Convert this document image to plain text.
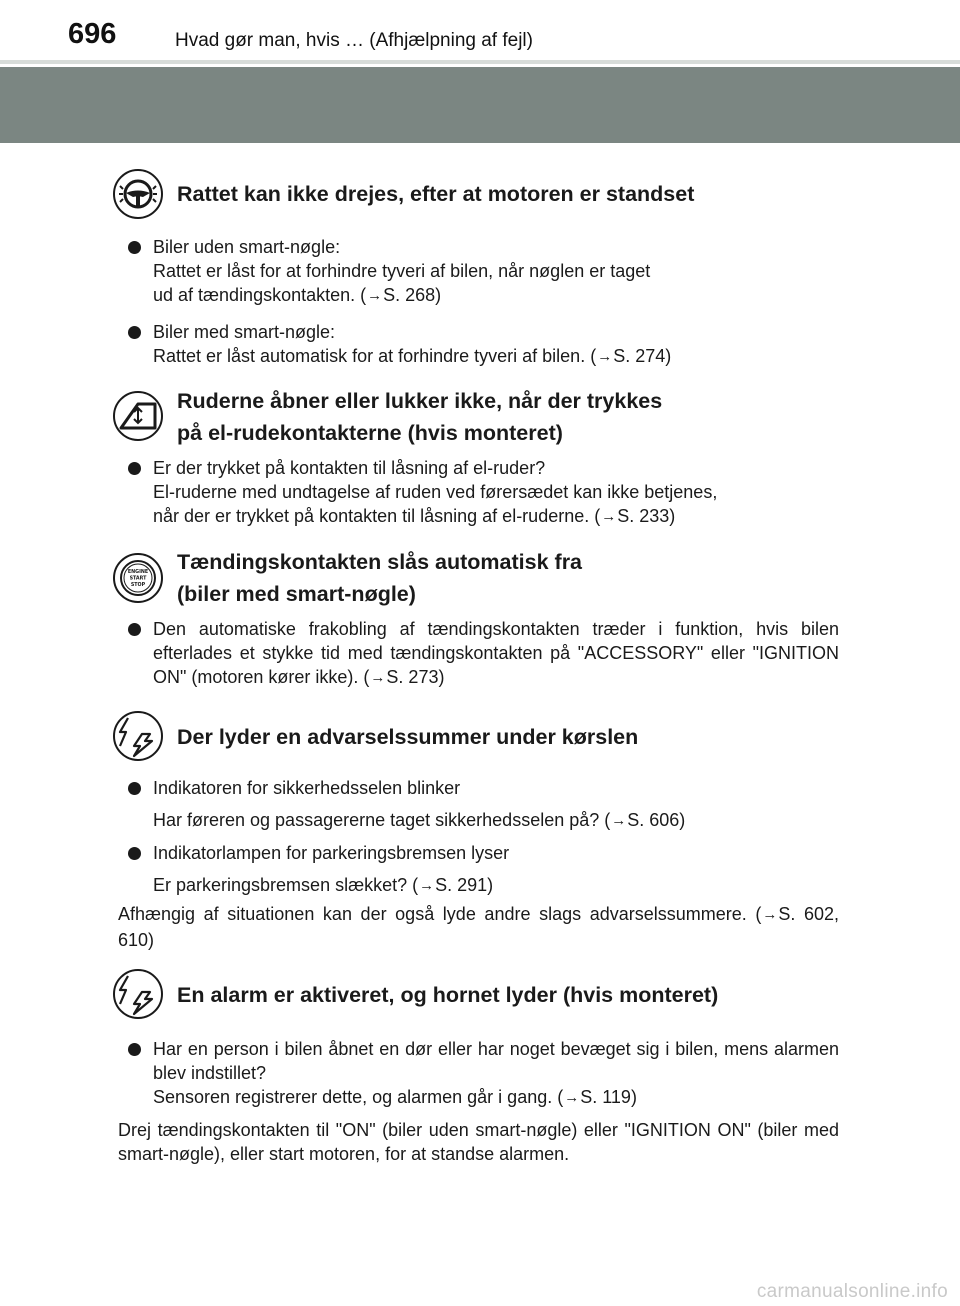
696	Hvad gør man, hvis … (Afhjælpning af fejl)
Rattet kan ikke drejes, efter at motoren er standset
Biler uden smart-nøgle:
Rattet er låst for at forhindre tyveri af bilen, når nøglen er taget
ud af tændingskontakten. (→S. 268)
Biler med smart-nøgle:
Rattet er låst automatisk for at forhindre tyveri af bilen. (→S. 274)
Ruderne åbner eller lukker ikke, når der trykkes
på el-rudekontakterne (hvis monteret)
Er der trykket på kontakten til låsning af el-ruder?
El-ruderne med undtagelse af ruden ved førersædet kan ikke betjenes,
når der er trykket på kontakten til låsning af el-ruderne. (→S. 233)
ENGINE
START
STOP
Tændingskontakten slås automatisk fra
(biler med smart-nøgle)
Den automatiske frakobling af tændingskontakten træder i funktion, hvis bilen efterlades et stykke tid med tændingskontakten på "ACCESSORY" eller "IGNITION ON" (motoren kører ikke). (→S. 273)
Der lyder en advarselssummer under kørslen
Indikatoren for sikkerhedsselen blinker
Har føreren og passagererne taget sikkerhedsselen på? (→S. 606)
Indikatorlampen for parkeringsbremsen lyser
Er parkeringsbremsen slækket? (→S. 291)
Afhængig af situationen kan der også lyde andre slags advarselssummere. (→S. 602, 610)
En alarm er aktiveret, og hornet lyder (hvis monteret)
Har en person i bilen åbnet en dør eller har noget bevæget sig i bilen, mens alarmen blev indstillet?
Sensoren registrerer dette, og alarmen går i gang. (→S. 119)
Drej tændingskontakten til "ON" (biler uden smart-nøgle) eller "IGNITION ON" (biler med smart-nøgle), eller start motoren, for at standse alarmen.
carmanualsonline.info
